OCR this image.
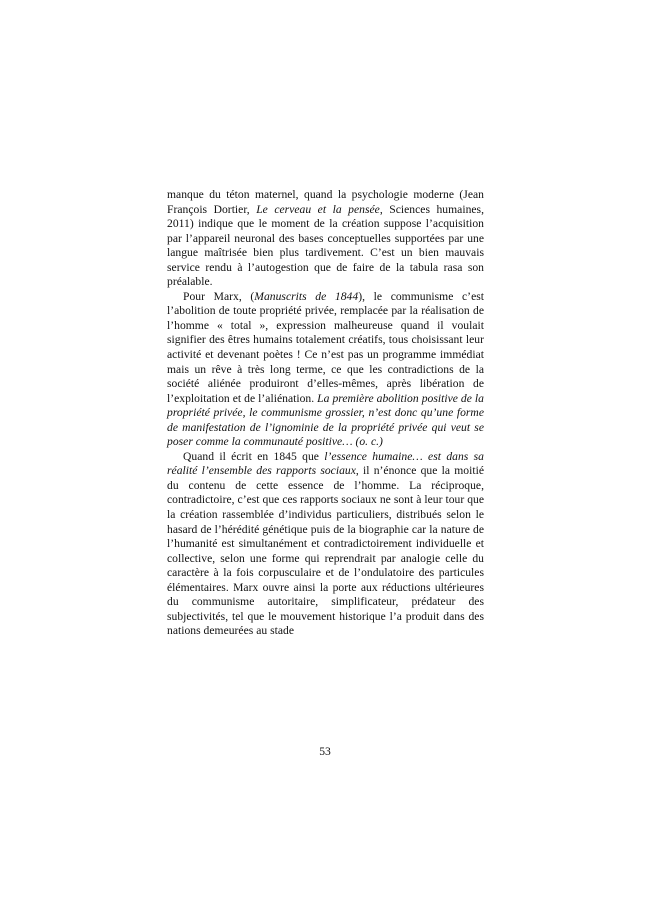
manque du téton maternel, quand la psychologie moderne (Jean François Dortier, Le cerveau et la pensée, Sciences humaines, 2011) indique que le moment de la création suppose l’acquisition par l’appareil neuronal des bases conceptuelles supportées par une langue maîtrisée bien plus tardivement. C’est un bien mauvais service rendu à l’autogestion que de faire de la tabula rasa son préalable.

Pour Marx, (Manuscrits de 1844), le communisme c’est l’abolition de toute propriété privée, remplacée par la réalisation de l’homme « total », expression malheureuse quand il voulait signifier des êtres humains totalement créatifs, tous choisissant leur activité et devenant poètes ! Ce n’est pas un programme immédiat mais un rêve à très long terme, ce que les contradictions de la société aliénée produiront d’elles-mêmes, après libération de l’exploitation et de l’aliénation. La première abolition positive de la propriété privée, le communisme grossier, n’est donc qu’une forme de manifestation de l’ignominie de la propriété privée qui veut se poser comme la communauté positive… (o. c.)

Quand il écrit en 1845 que l’essence humaine… est dans sa réalité l’ensemble des rapports sociaux, il n’énonce que la moitié du contenu de cette essence de l’homme. La réciproque, contradictoire, c’est que ces rapports sociaux ne sont à leur tour que la création rassemblée d’individus particuliers, distribués selon le hasard de l’hérédité génétique puis de la biographie car la nature de l’humanité est simultanément et contradictoirement individuelle et collective, selon une forme qui reprendrait par analogie celle du caractère à la fois corpusculaire et de l’ondulatoire des particules élémentaires. Marx ouvre ainsi la porte aux réductions ultérieures du communisme autoritaire, simplificateur, prédateur des subjectivités, tel que le mouvement historique l’a produit dans des nations demeurées au stade

53
